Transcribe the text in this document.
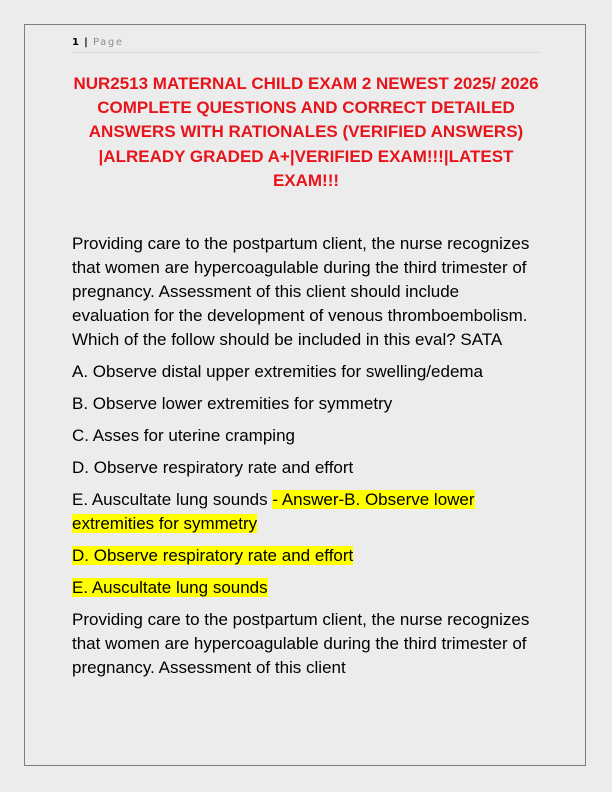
1 | Page
NUR2513 MATERNAL CHILD EXAM 2 NEWEST 2025/ 2026 COMPLETE QUESTIONS AND CORRECT DETAILED ANSWERS WITH RATIONALES (VERIFIED ANSWERS) |ALREADY GRADED A+|VERIFIED EXAM!!!|LATEST EXAM!!!

Providing care to the postpartum client, the nurse recognizes that women are hypercoagulable during the third trimester of pregnancy. Assessment of this client should include evaluation for the development of venous thromboembolism. Which of the follow should be included in this eval? SATA

A. Observe distal upper extremities for swelling/edema

B. Observe lower extremities for symmetry

C. Asses for uterine cramping

D. Observe respiratory rate and effort

E. Auscultate lung sounds - Answer-B. Observe lower extremities for symmetry

D. Observe respiratory rate and effort

E. Auscultate lung sounds

Providing care to the postpartum client, the nurse recognizes that women are hypercoagulable during the third trimester of pregnancy. Assessment of this client
